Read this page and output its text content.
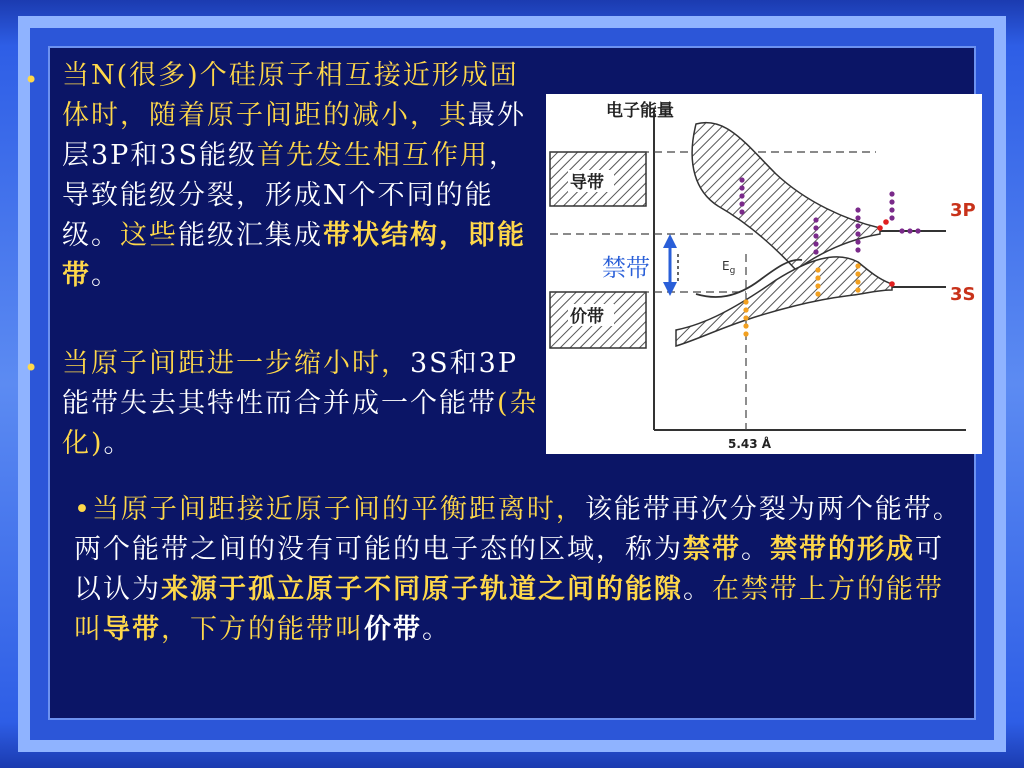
• 当N(很多)个硅原子相互接近形成固体时，随着原子间距的减小，其最外层3P和3S能级首先发生相互作用，导致能级分裂，形成N个不同的能级。这些能级汇集成带状结构，即能带。
• 当原子间距进一步缩小时，3S和3P能带失去其特性而合并成一个能带(杂化)。
•当原子间距接近原子间的平衡距离时，该能带再次分裂为两个能带。两个能带之间的没有可能的电子态的区域，称为禁带。禁带的形成可以认为来源于孤立原子不同原子轨道之间的能隙。在禁带上方的能带叫导带，下方的能带叫价带。
导带
价带
禁带	$E_g$
电子能量
3P
3S
5.43 Å
